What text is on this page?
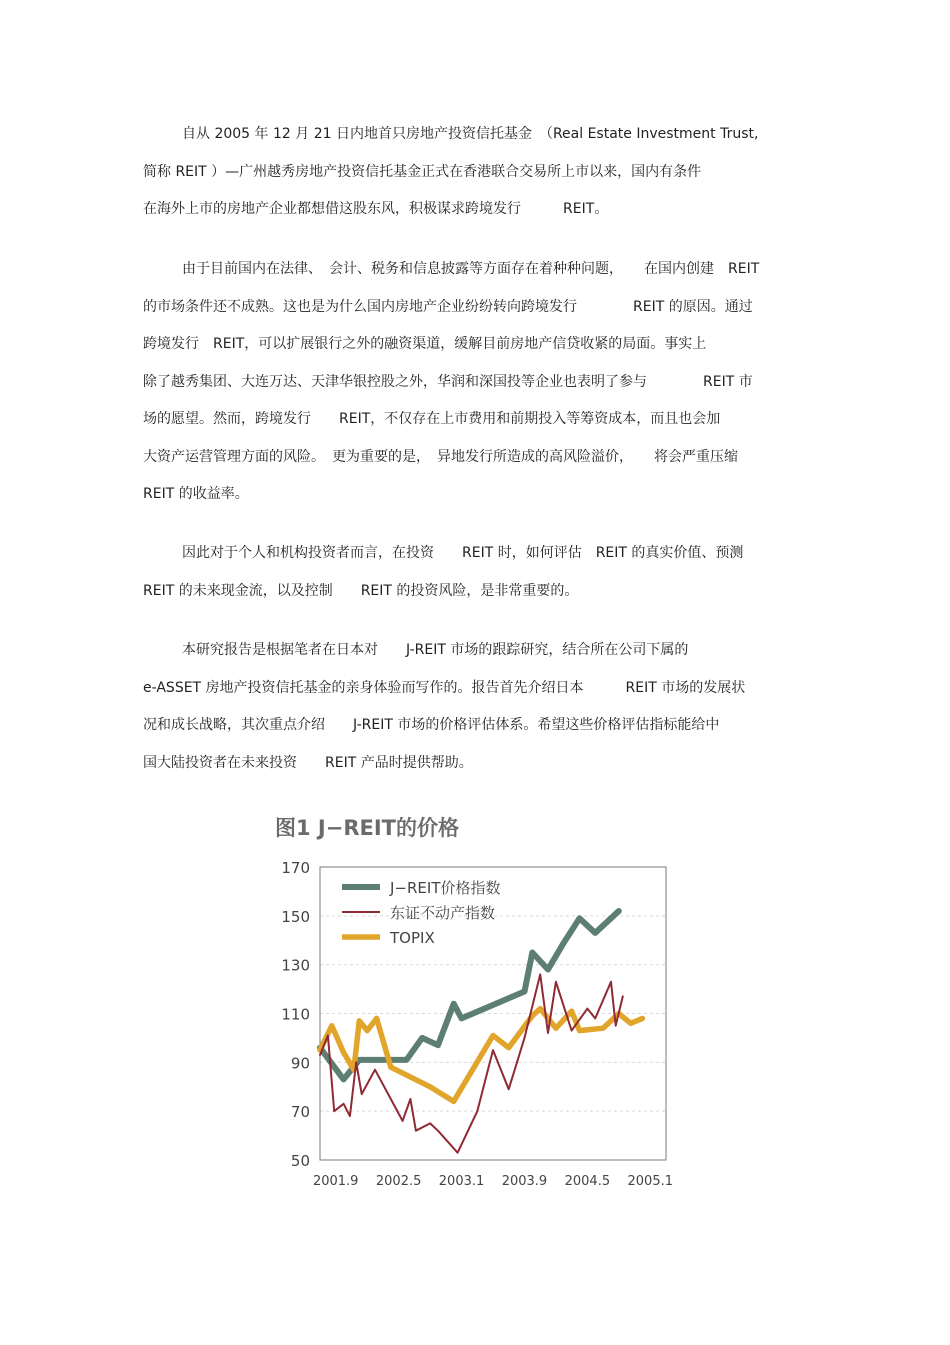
自从 2005 年 12 月 21 日内地首只房地产投资信托基金　（Real Estate Investment Trust,
简称 REIT ）—广州越秀房地产投资信托基金正式在香港联合交易所上市以来，国内有条件
在海外上市的房地产企业都想借这股东风，积极谋求跨境发行　　　REIT。
由于目前国内在法律、　会计、税务和信息披露等方面存在着种种问题，　　在国内创建　REIT
的市场条件还不成熟。这也是为什么国内房地产企业纷纷转向跨境发行　　　　REIT 的原因。通过
跨境发行　REIT，可以扩展银行之外的融资渠道，缓解目前房地产信贷收紧的局面。事实上
除了越秀集团、大连万达、天津华银控股之外，华润和深国投等企业也表明了参与　　　　REIT 市
场的愿望。然而，跨境发行　　REIT，不仅存在上市费用和前期投入等筹资成本，而且也会加
大资产运营管理方面的风险。　更为重要的是，　异地发行所造成的高风险溢价，　　将会严重压缩
REIT 的收益率。
因此对于个人和机构投资者而言，在投资　　REIT 时，如何评估　REIT 的真实价值、预测
REIT 的未来现金流，以及控制　　REIT 的投资风险，是非常重要的。
本研究报告是根据笔者在日本对　　J-REIT 市场的跟踪研究，结合所在公司下属的
e-ASSET 房地产投资信托基金的亲身体验而写作的。报告首先介绍日本　　　REIT 市场的发展状
况和成长战略，其次重点介绍　　J-REIT 市场的价格评估体系。希望这些价格评估指标能给中
国大陆投资者在未来投资　　REIT 产品时提供帮助。
图1 J−REIT的价格
50
70
90
110
130
150
170
2001.9 2002.5 2003.1 2003.9 2004.5 2005.1
J−REIT价格指数
东证不动产指数
TOPIX
